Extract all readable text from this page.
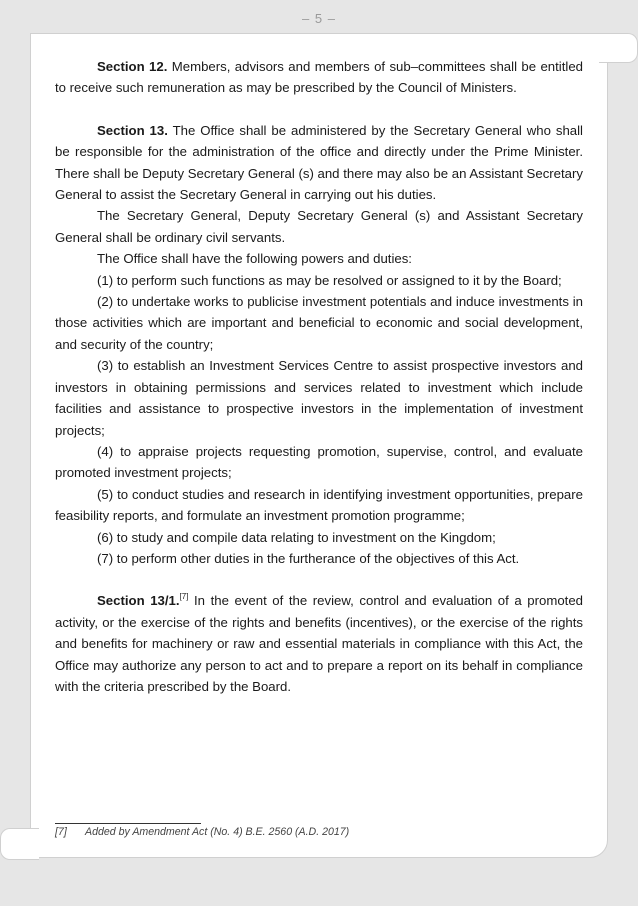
– 5 –

Section 12. Members, advisors and members of sub–committees shall be entitled to receive such remuneration as may be prescribed by the Council of Ministers.

Section 13. The Office shall be administered by the Secretary General who shall be responsible for the administration of the office and directly under the Prime Minister. There shall be Deputy Secretary General (s) and there may also be an Assistant Secretary General to assist the Secretary General in carrying out his duties.

The Secretary General, Deputy Secretary General (s) and Assistant Secretary General shall be ordinary civil servants.

The Office shall have the following powers and duties:

(1) to perform such functions as may be resolved or assigned to it by the Board;

(2) to undertake works to publicise investment potentials and induce investments in those activities which are important and beneficial to economic and social development, and security of the country;

(3) to establish an Investment Services Centre to assist prospective investors and investors in obtaining permissions and services related to investment which include facilities and assistance to prospective investors in the implementation of investment projects;

(4) to appraise projects requesting promotion, supervise, control, and evaluate promoted investment projects;

(5) to conduct studies and research in identifying investment opportunities, prepare feasibility reports, and formulate an investment promotion programme;

(6) to study and compile data relating to investment on the Kingdom;

(7) to perform other duties in the furtherance of the objectives of this Act.

Section 13/1.[7] In the event of the review, control and evaluation of a promoted activity, or the exercise of the rights and benefits (incentives), or the exercise of the rights and benefits for machinery or raw and essential materials in compliance with this Act, the Office may authorize any person to act and to prepare a report on its behalf in compliance with the criteria prescribed by the Board.

[7] Added by Amendment Act (No. 4) B.E. 2560 (A.D. 2017)
